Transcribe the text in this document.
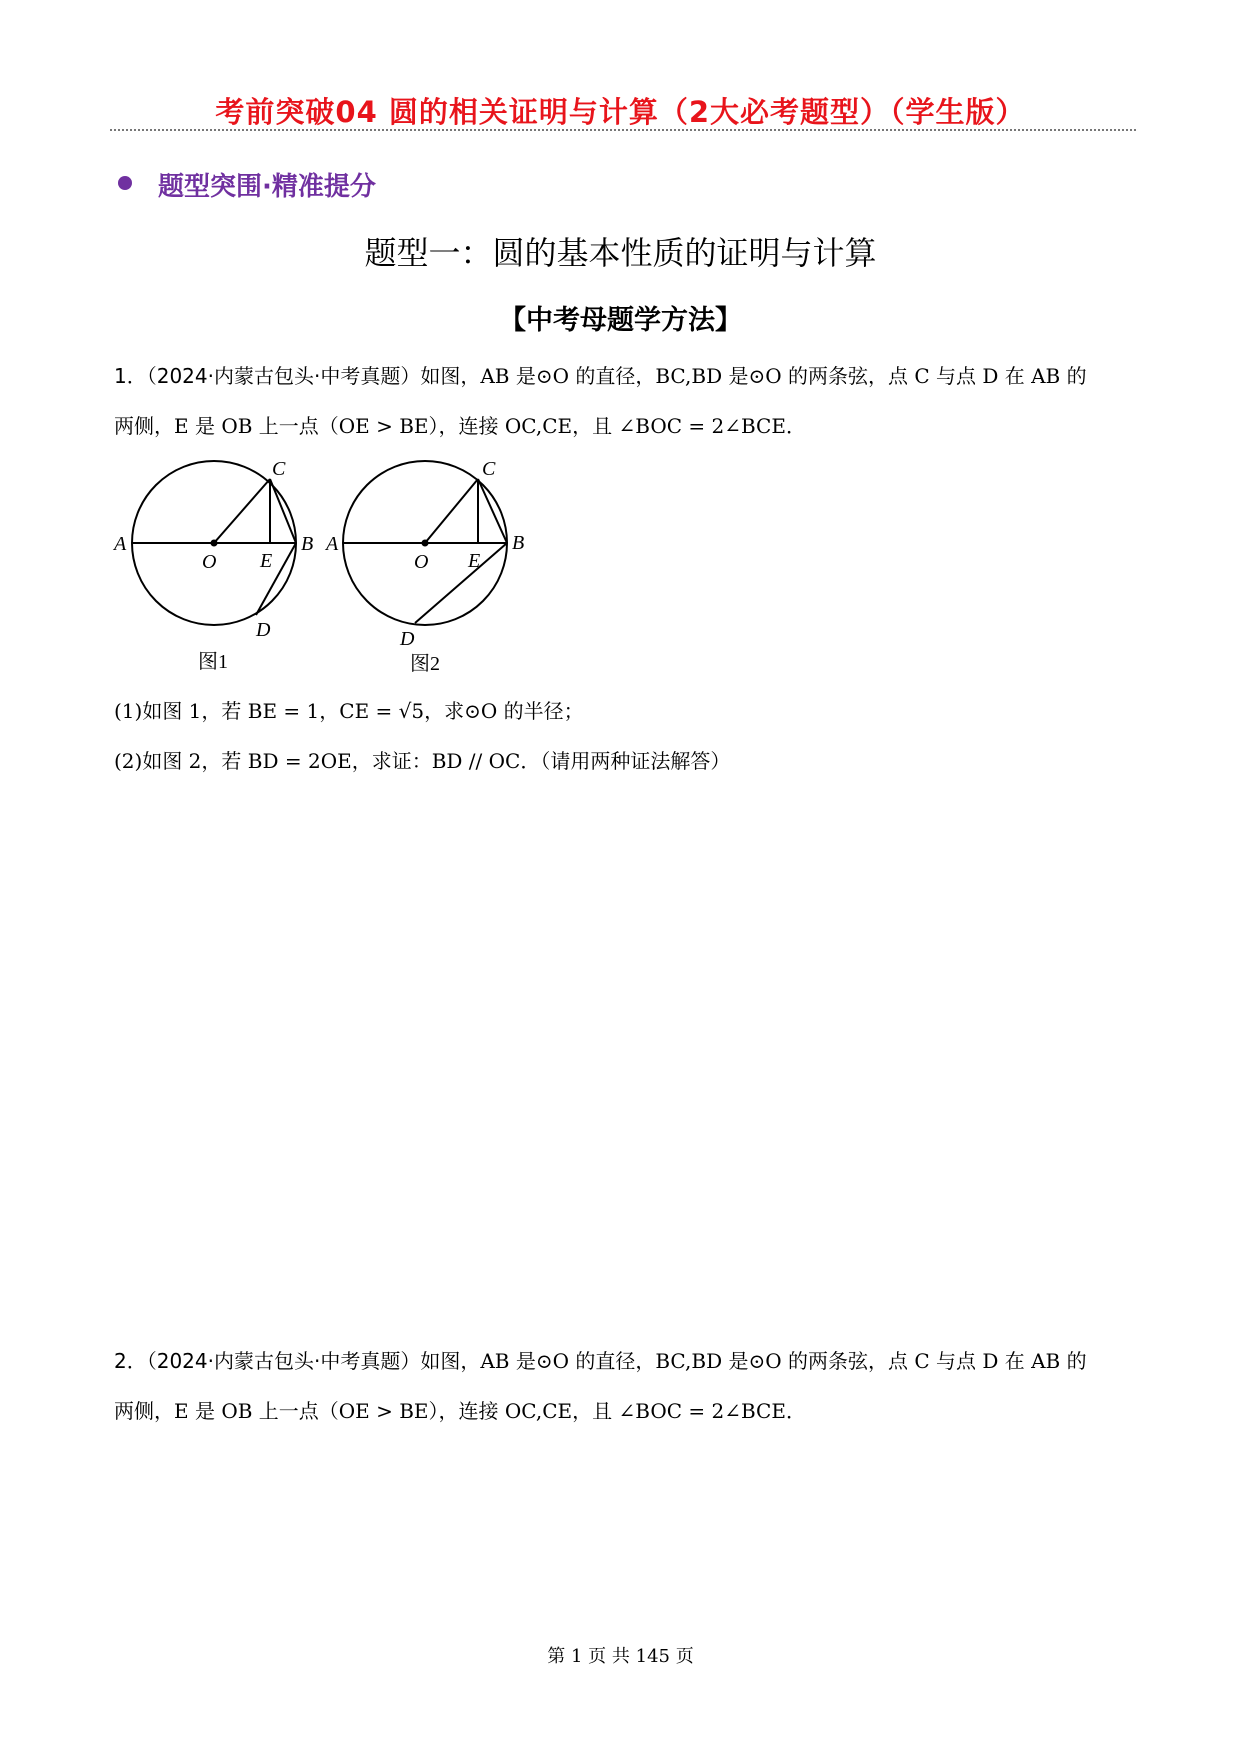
考前突破04 圆的相关证明与计算（2大必考题型）（学生版）
题型突围·精准提分
题型一：圆的基本性质的证明与计算
【中考母题学方法】
1．（2024·内蒙古包头·中考真题）如图，AB 是⊙O 的直径，BC,BD 是⊙O 的两条弦，点 C 与点 D 在 AB 的
两侧，E 是 OB 上一点（OE > BE），连接 OC,CE，且 ∠BOC = 2∠BCE．
A
O E
B
C
D
图1
A
O E
B
C
D
图2
(1)如图 1，若 BE = 1，CE = √5，求⊙O 的半径；
(2)如图 2，若 BD = 2OE，求证：BD // OC．（请用两种证法解答）
2．（2024·内蒙古包头·中考真题）如图，AB 是⊙O 的直径，BC,BD 是⊙O 的两条弦，点 C 与点 D 在 AB 的
两侧，E 是 OB 上一点（OE > BE），连接 OC,CE，且 ∠BOC = 2∠BCE．
第 1 页 共 145 页
